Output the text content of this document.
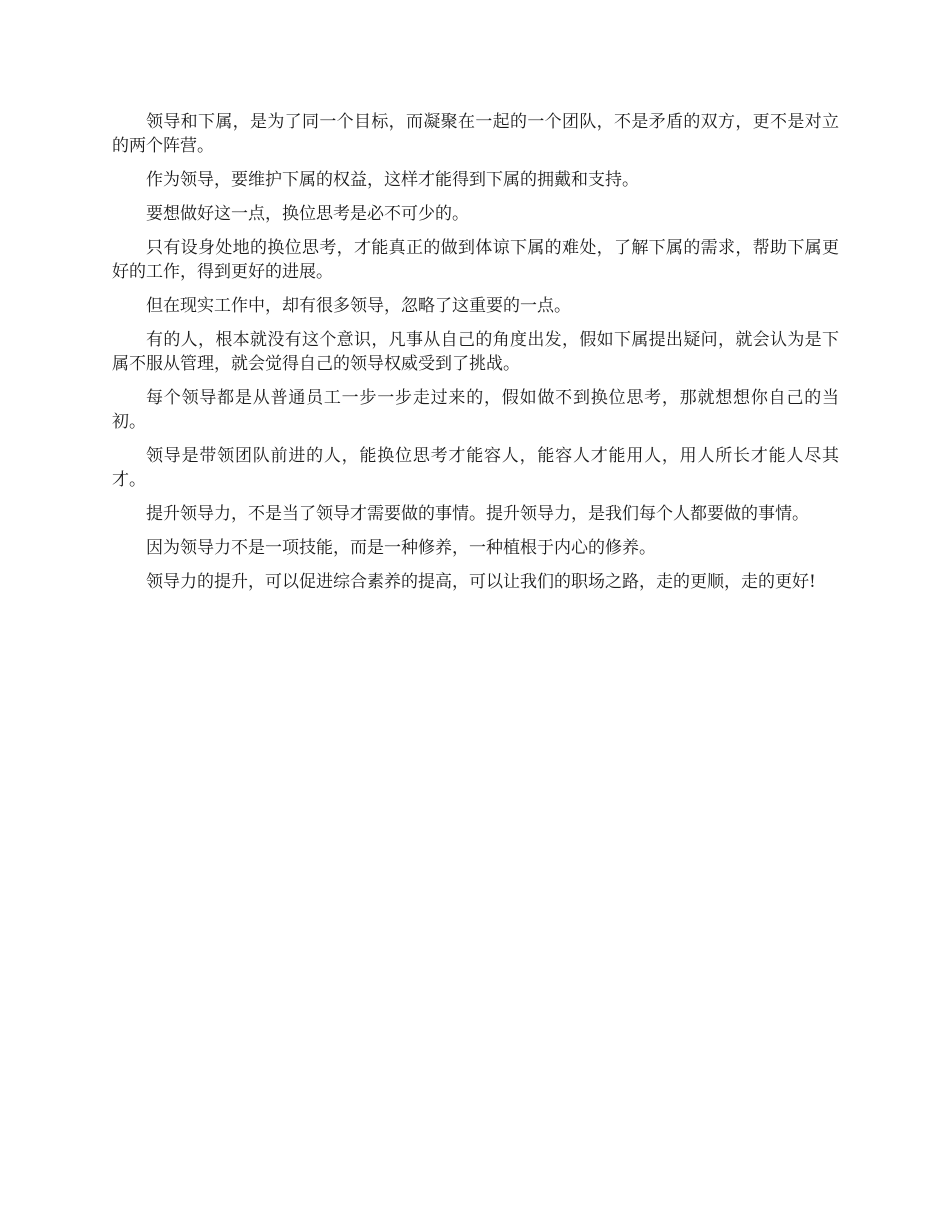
领导和下属，是为了同一个目标，而凝聚在一起的一个团队，不是矛盾的双方，更不是对立的两个阵营。

作为领导，要维护下属的权益，这样才能得到下属的拥戴和支持。

要想做好这一点，换位思考是必不可少的。

只有设身处地的换位思考，才能真正的做到体谅下属的难处，了解下属的需求，帮助下属更好的工作，得到更好的进展。

但在现实工作中，却有很多领导，忽略了这重要的一点。

有的人，根本就没有这个意识，凡事从自己的角度出发，假如下属提出疑问，就会认为是下属不服从管理，就会觉得自己的领导权威受到了挑战。

每个领导都是从普通员工一步一步走过来的，假如做不到换位思考，那就想想你自己的当初。

领导是带领团队前进的人，能换位思考才能容人，能容人才能用人，用人所长才能人尽其才。

提升领导力，不是当了领导才需要做的事情。提升领导力，是我们每个人都要做的事情。

因为领导力不是一项技能，而是一种修养，一种植根于内心的修养。

领导力的提升，可以促进综合素养的提高，可以让我们的职场之路，走的更顺，走的更好!
